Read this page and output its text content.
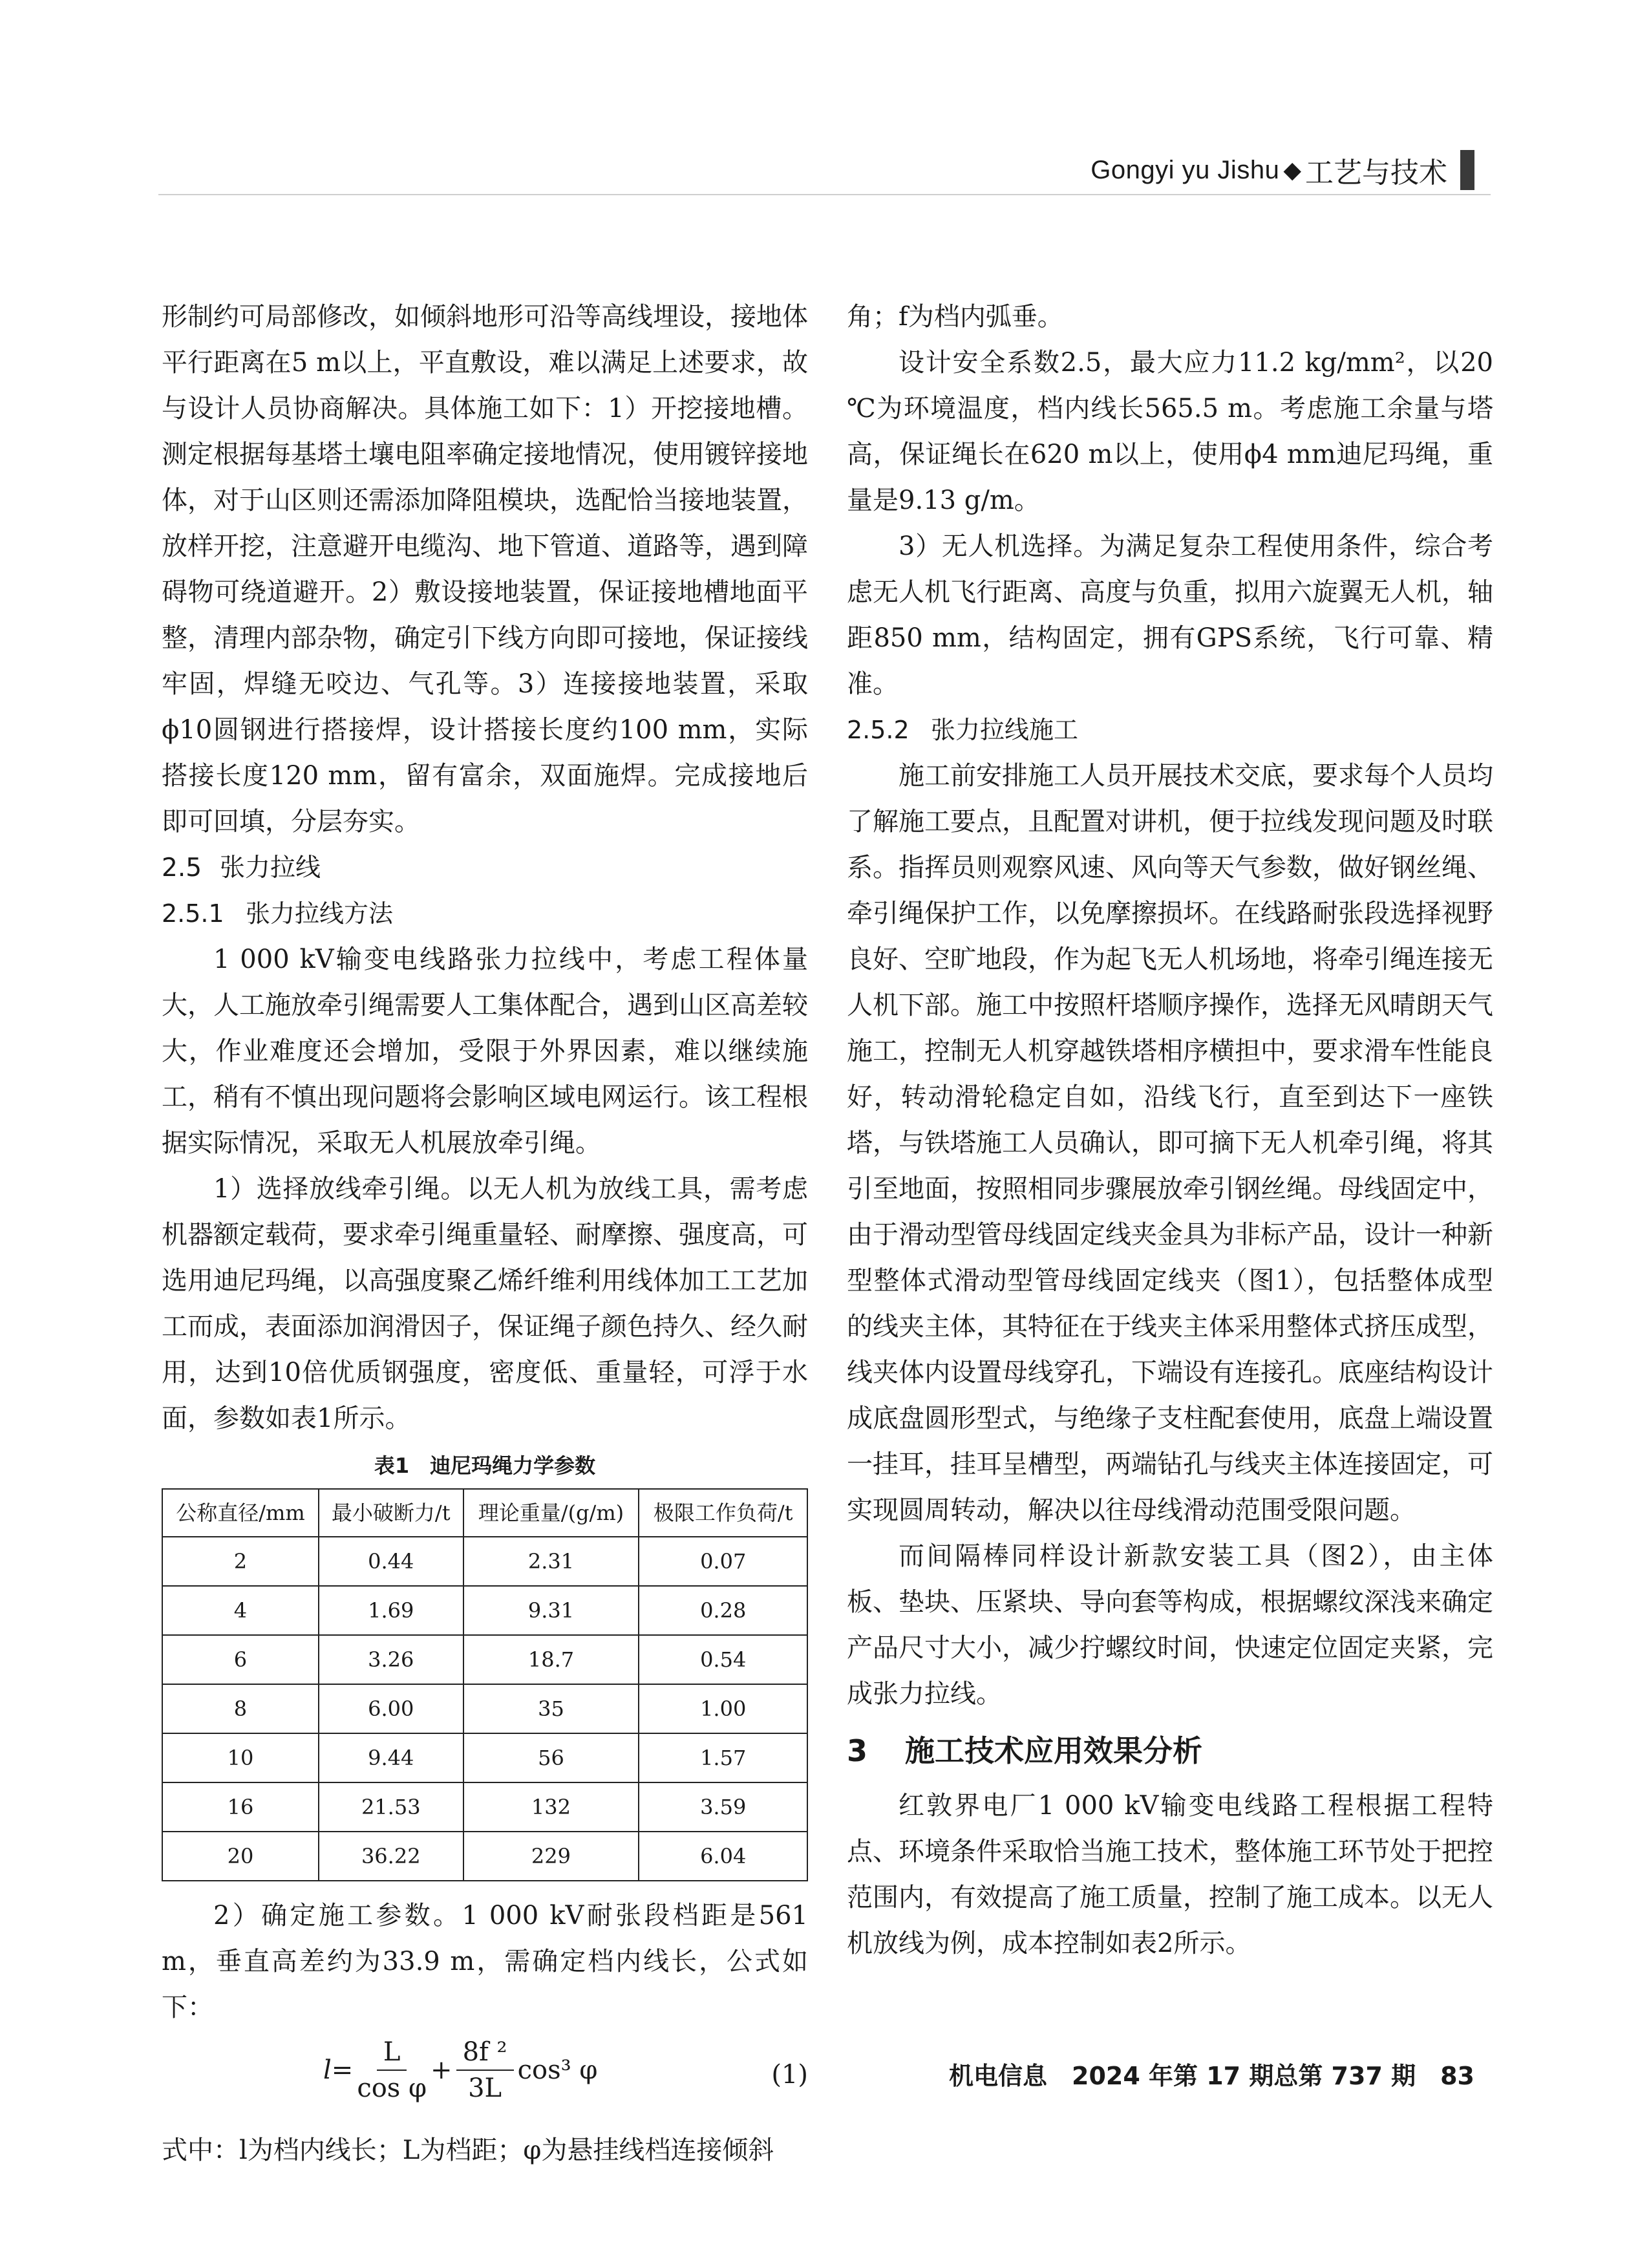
Gongyi yu Jishu ◆ 工艺与技术

形制约可局部修改，如倾斜地形可沿等高线埋设，接地体平行距离在5 m以上，平直敷设，难以满足上述要求，故与设计人员协商解决。具体施工如下：1）开挖接地槽。测定根据每基塔土壤电阻率确定接地情况，使用镀锌接地体，对于山区则还需添加降阻模块，选配恰当接地装置，放样开挖，注意避开电缆沟、地下管道、道路等，遇到障碍物可绕道避开。2）敷设接地装置，保证接地槽地面平整，清理内部杂物，确定引下线方向即可接地，保证接线牢固，焊缝无咬边、气孔等。3）连接接地装置，采取ϕ10圆钢进行搭接焊，设计搭接长度约100 mm，实际搭接长度120 mm，留有富余，双面施焊。完成接地后即可回填，分层夯实。

2.5 张力拉线
2.5.1 张力拉线方法

1 000 kV输变电线路张力拉线中，考虑工程体量大，人工施放牵引绳需要人工集体配合，遇到山区高差较大，作业难度还会增加，受限于外界因素，难以继续施工，稍有不慎出现问题将会影响区域电网运行。该工程根据实际情况，采取无人机展放牵引绳。

1）选择放线牵引绳。以无人机为放线工具，需考虑机器额定载荷，要求牵引绳重量轻、耐摩擦、强度高，可选用迪尼玛绳，以高强度聚乙烯纤维利用线体加工工艺加工而成，表面添加润滑因子，保证绳子颜色持久、经久耐用，达到10倍优质钢强度，密度低、重量轻，可浮于水面，参数如表1所示。

表1　迪尼玛绳力学参数
公称直径/mm	最小破断力/t	理论重量/(g/m)	极限工作负荷/t
2	0.44	2.31	0.07
4	1.69	9.31	0.28
6	3.26	18.7	0.54
8	6.00	35	1.00
10	9.44	56	1.57
16	21.53	132	3.59
20	36.22	229	6.04

2）确定施工参数。1 000 kV耐张段档距是561 m，垂直高差约为33.9 m，需确定档内线长，公式如下：

$l= \frac{L}{\text{cos φ}} + \frac{\text{8f ²}}{3L} \cos^3$ φ	(1)

式中：l为档内线长；L为档距；φ为悬挂线档连接倾斜

角；f为档内弧垂。

设计安全系数2.5，最大应力11.2 kg/mm²，以20 ℃为环境温度，档内线长565.5 m。考虑施工余量与塔高，保证绳长在620 m以上，使用ϕ4 mm迪尼玛绳，重量是9.13 g/m。

3）无人机选择。为满足复杂工程使用条件，综合考虑无人机飞行距离、高度与负重，拟用六旋翼无人机，轴距850 mm，结构固定，拥有GPS系统，飞行可靠、精准。

2.5.2 张力拉线施工

施工前安排施工人员开展技术交底，要求每个人员均了解施工要点，且配置对讲机，便于拉线发现问题及时联系。指挥员则观察风速、风向等天气参数，做好钢丝绳、牵引绳保护工作，以免摩擦损坏。在线路耐张段选择视野良好、空旷地段，作为起飞无人机场地，将牵引绳连接无人机下部。施工中按照杆塔顺序操作，选择无风晴朗天气施工，控制无人机穿越铁塔相序横担中，要求滑车性能良好，转动滑轮稳定自如，沿线飞行，直至到达下一座铁塔，与铁塔施工人员确认，即可摘下无人机牵引绳，将其引至地面，按照相同步骤展放牵引钢丝绳。母线固定中，由于滑动型管母线固定线夹金具为非标产品，设计一种新型整体式滑动型管母线固定线夹（图1），包括整体成型的线夹主体，其特征在于线夹主体采用整体式挤压成型，线夹体内设置母线穿孔，下端设有连接孔。底座结构设计成底盘圆形型式，与绝缘子支柱配套使用，底盘上端设置一挂耳，挂耳呈槽型，两端钻孔与线夹主体连接固定，可实现圆周转动，解决以往母线滑动范围受限问题。

而间隔棒同样设计新款安装工具（图2），由主体板、垫块、压紧块、导向套等构成，根据螺纹深浅来确定产品尺寸大小，减少拧螺纹时间，快速定位固定夹紧，完成张力拉线。

3 施工技术应用效果分析

红敦界电厂1 000 kV输变电线路工程根据工程特点、环境条件采取恰当施工技术，整体施工环节处于把控范围内，有效提高了施工质量，控制了施工成本。以无人机放线为例，成本控制如表2所示。

机电信息　2024 年第 17 期总第 737 期　83
